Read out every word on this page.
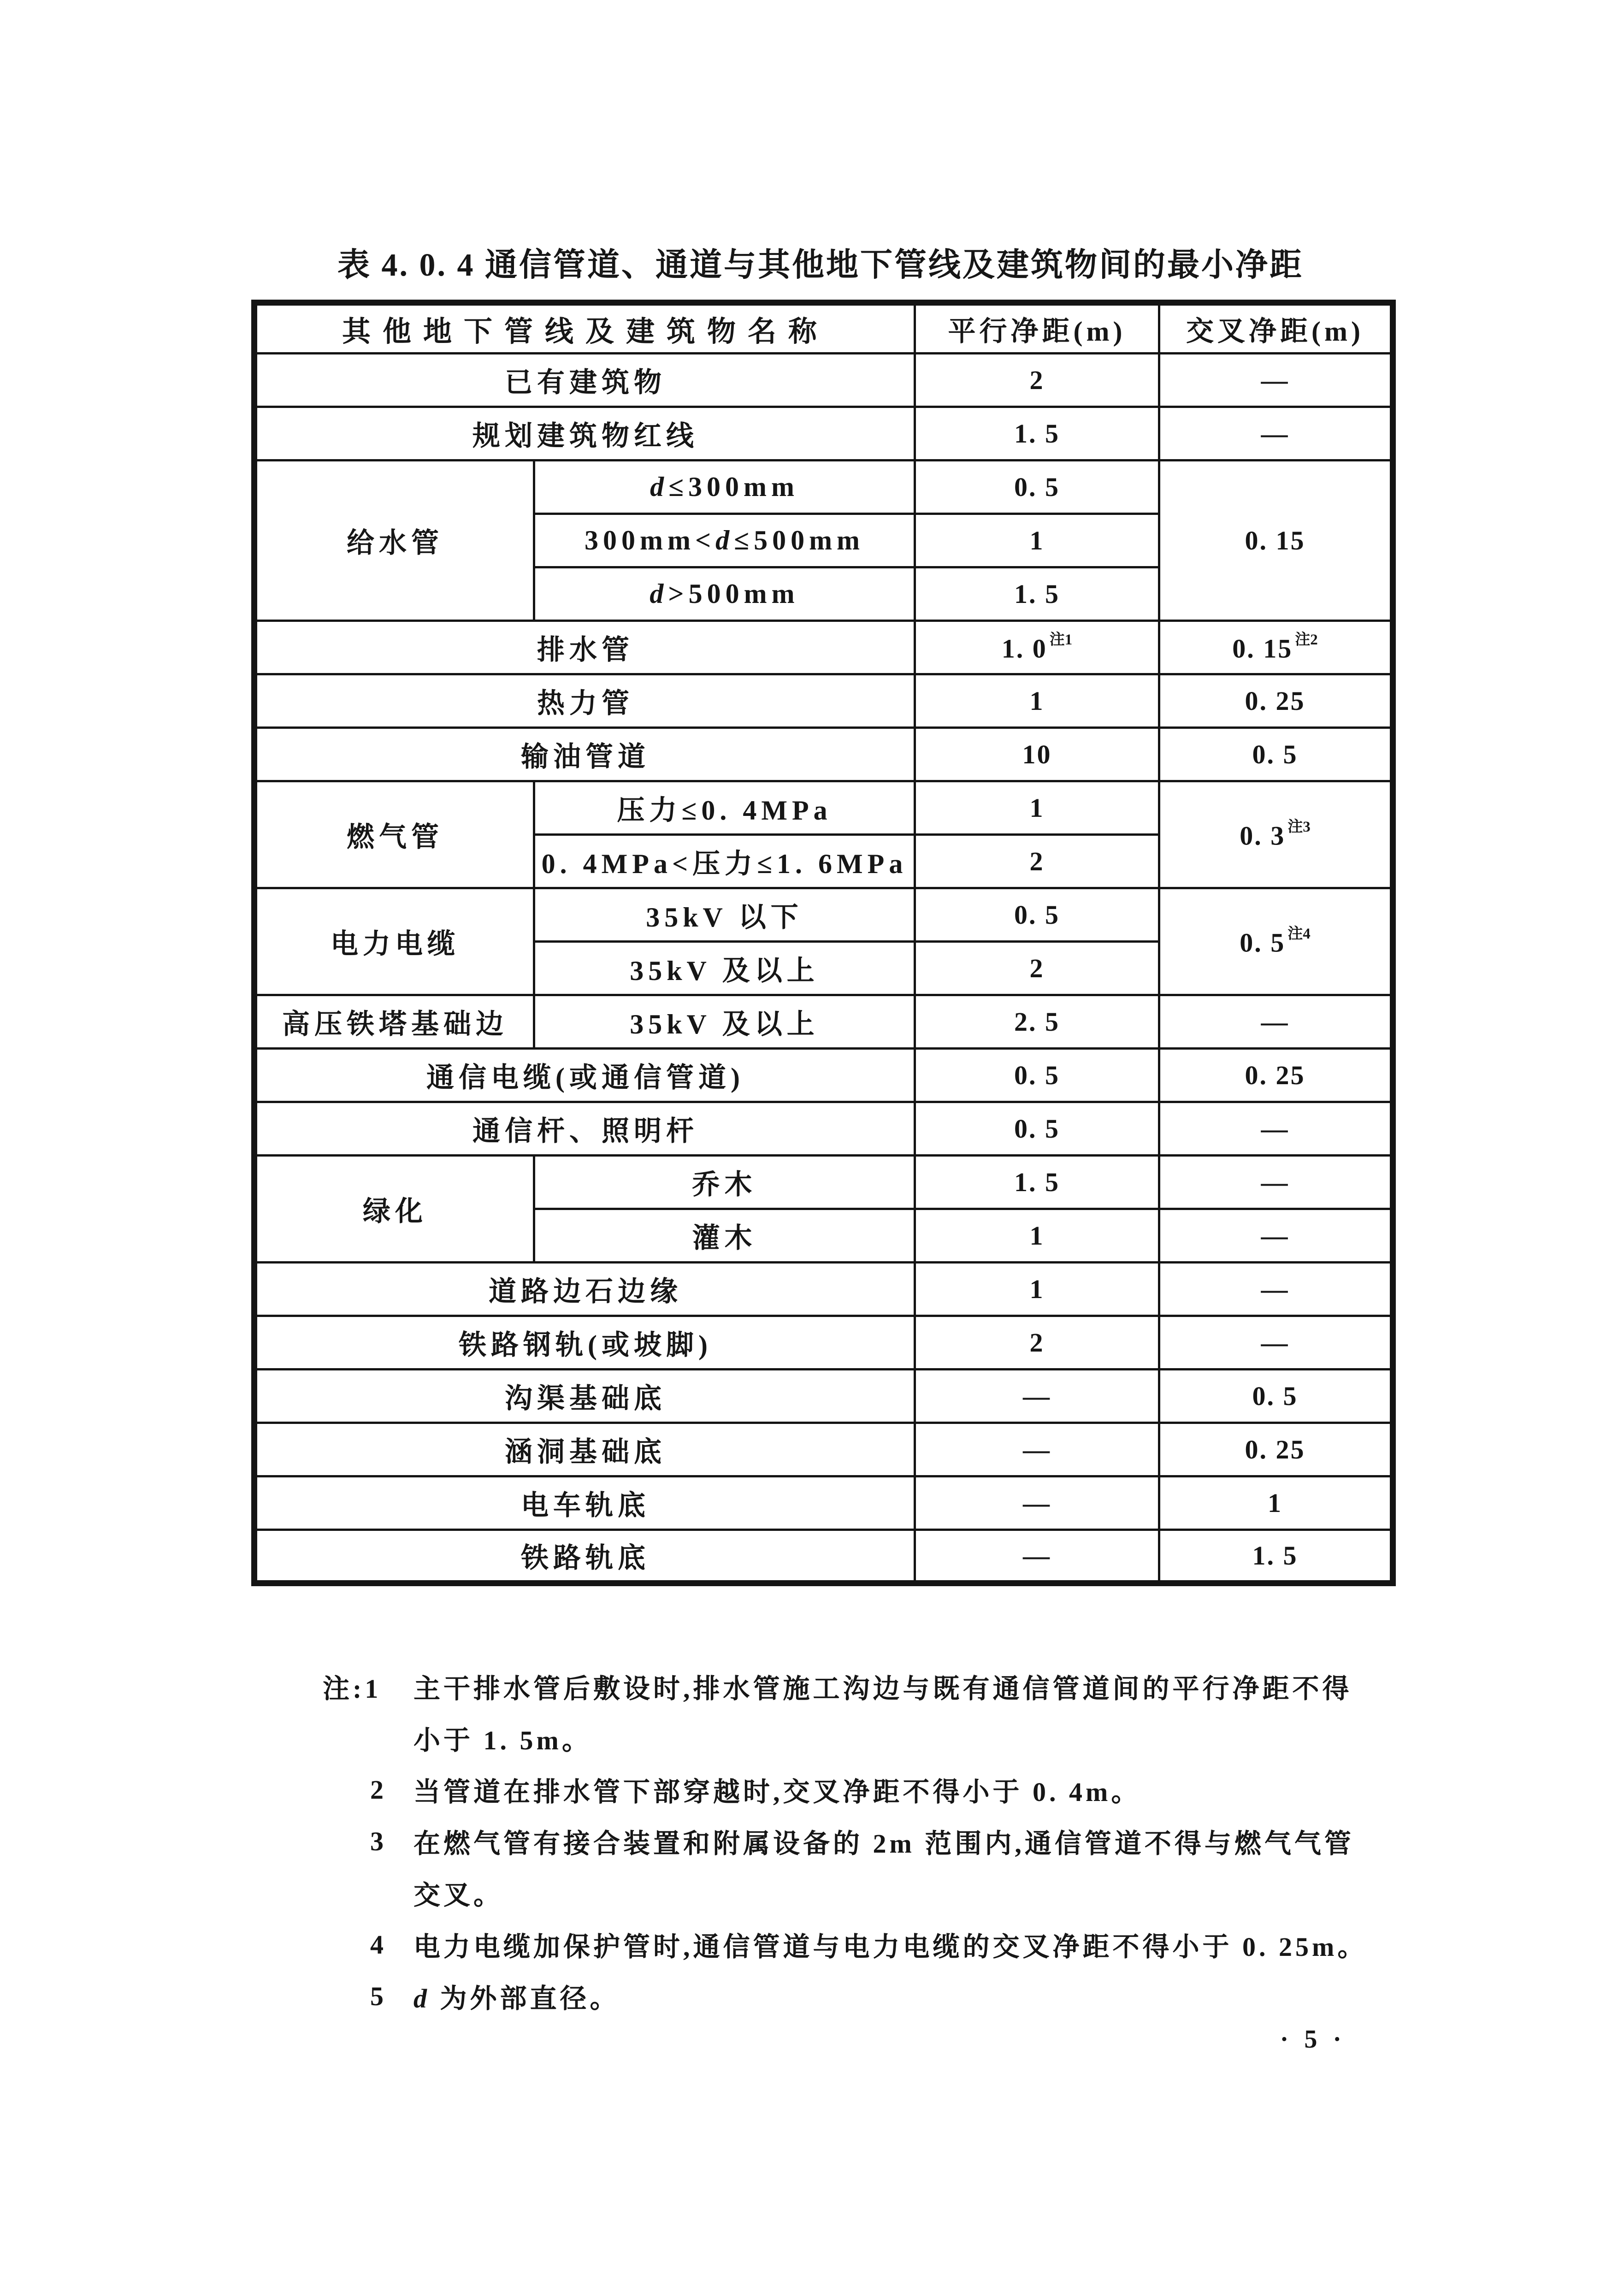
表 4. 0. 4 通信管道、通道与其他地下管线及建筑物间的最小净距
其他地下管线及建筑物名称		平行净距(m)	交叉净距(m)
已有建筑物		2	—
规划建筑物红线		1. 5	—
给水管	d≤300mm	0. 5	0. 15
	300mm<d≤500mm	1	
	d>500mm	1. 5	
排水管		1. 0 $^{注1}$	0. 15 $^{注2}$
热力管		1	0. 25
输油管道		10	0. 5
燃气管	压力≤0. 4MPa	1	0. 3 $^{注3}$
	0. 4MPa<压力≤1. 6MPa	2	
电力电缆	35kV 以下	0. 5	0. 5 $^{注4}$
	35kV 及以上	2	
高压铁塔基础边	35kV 及以上	2. 5	—
通信电缆(或通信管道)		0. 5	0. 25
通信杆、照明杆		0. 5	—
绿化	乔木	1. 5	—
	灌木	1	—
道路边石边缘		1	—
铁路钢轨(或坡脚)		2	—
沟渠基础底		—	0. 5
涵洞基础底		—	0. 25
电车轨底		—	1
铁路轨底		—	1. 5
注:1	主干排水管后敷设时,排水管施工沟边与既有通信管道间的平行净距不得
小于 1. 5m。
2	当管道在排水管下部穿越时,交叉净距不得小于 0. 4m。
3	在燃气管有接合装置和附属设备的 2m 范围内,通信管道不得与燃气气管
交叉。
4	电力电缆加保护管时,通信管道与电力电缆的交叉净距不得小于 0. 25m。
5	d 为外部直径。
· 5 ·
